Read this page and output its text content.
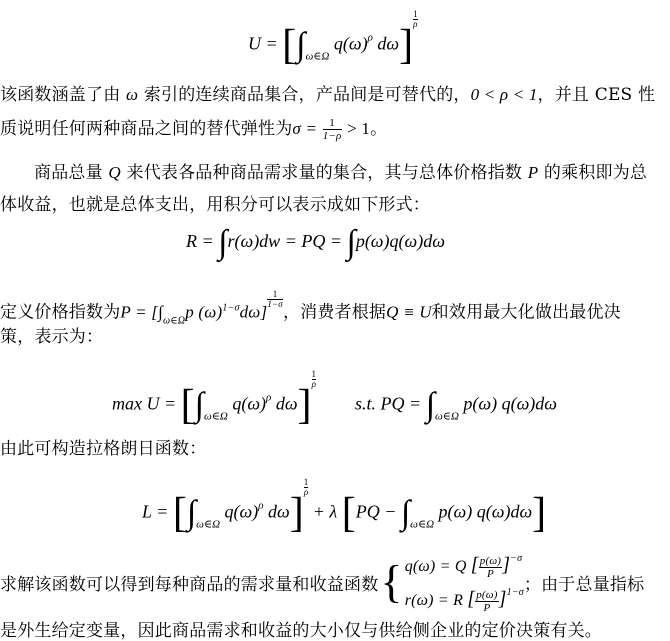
$U = [\int_{\omega\in\Omega}$ $q(\omega)^\rho$ dω]
$\frac{1}{\rho}$
该函数涵盖了由 ω 索引的连续商品集合，产品间是可替代的，0 < ρ < 1，并且 CES 性
质说明任何两种商品之间的替代弹性为$\sigma = \frac{1}{1-\rho} > 1$。
商品总量 Q 来代表各品种商品需求量的集合，其与总体价格指数 P 的乘积即为总
体收益，也就是总体支出，用积分可以表示成如下形式：
R = ∫r(ω)dw = PQ = ∫p(ω)q(ω)dω
定义价格指数为$P = [\int_{\omega\in\Omega}p$ $(\omega)^{1-\sigma}d\omega$]
$\frac{1}{1-\sigma}$
，消费者根据Q ≡ U和效用最大化做出最优决
策，表示为：
$\max U = [\int_{\omega\in\Omega}$ $q(\omega)^\rho$ dω]
$\frac{1}{\rho}$
s.t. PQ = $\int_{\omega\in\Omega}$ p(ω) q(ω)dω
由此可构造拉格朗日函数：
$L = [\int_{\omega\in\Omega}$ $q(\omega)^\rho$ dω]
$\frac{1}{\rho}$
+ λ [$PQ - \int_{\omega\in\Omega}$ p(ω) q(ω)dω]
求解该函数可以得到每种商品的需求量和收益函数 { q(ω) = Q [ $\frac{p(\omega)}{P} ]^{-\sigma}$
r(ω) = R [ $\frac{p(\omega)}{P} ]^{1-\sigma}$ ；由于总量指标
是外生给定变量，因此商品需求和收益的大小仅与供给侧企业的定价决策有关。
